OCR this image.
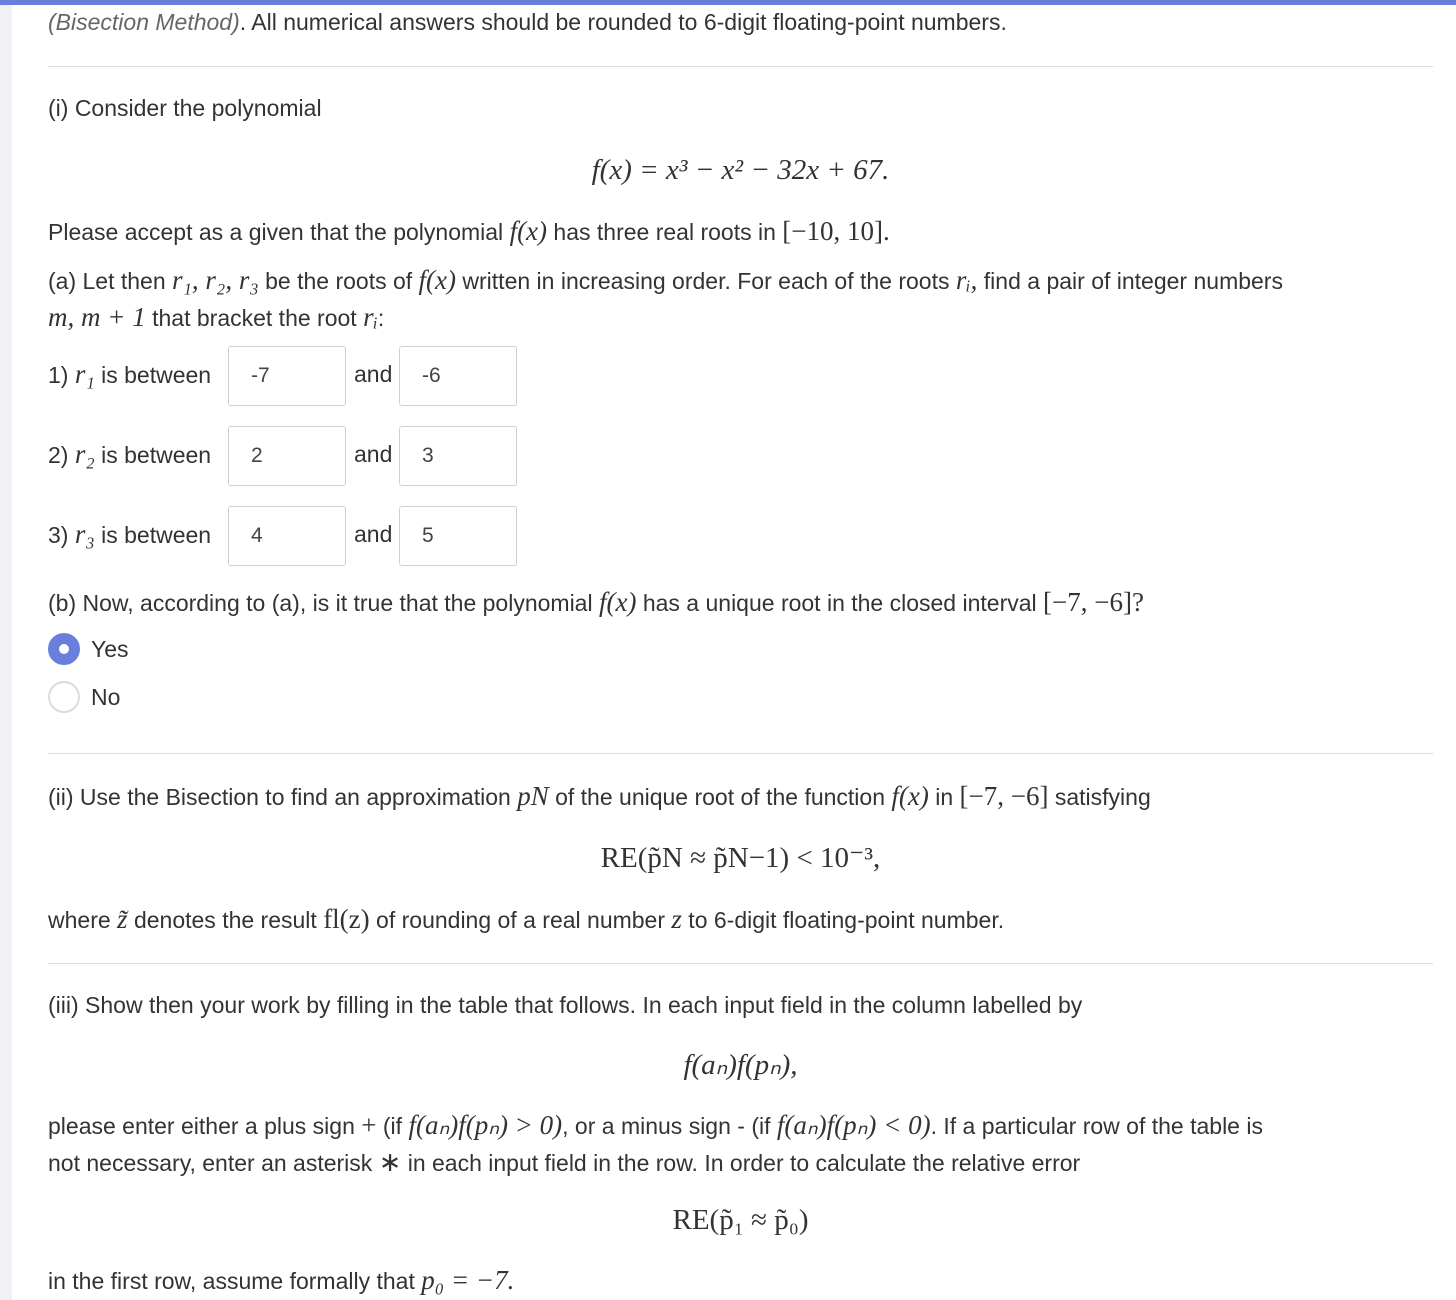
(Bisection Method). All numerical answers should be rounded to 6-digit floating-point numbers.
(i) Consider the polynomial
f(x) = x³ − x² − 32x + 67.
Please accept as a given that the polynomial f(x) has three real roots in [−10, 10].
(a) Let then r₁, r₂, r₃ be the roots of f(x) written in increasing order. For each of the roots rᵢ, find a pair of integer numbers
m, m + 1 that bracket the root rᵢ:
1) r₁ is between	-7	and	-6
2) r₂ is between	2	and	3
3) r₃ is between	4	and	5
(b) Now, according to (a), is it true that the polynomial f(x) has a unique root in the closed interval [−7, −6]?
Yes
No
(ii) Use the Bisection to find an approximation pN of the unique root of the function f(x) in [−7, −6] satisfying
RE(p̃N ≈ p̃N−1) < 10⁻³,
where z̃ denotes the result fl(z) of rounding of a real number z to 6-digit floating-point number.
(iii) Show then your work by filling in the table that follows. In each input field in the column labelled by
f(aₙ)f(pₙ),
please enter either a plus sign + (if f(aₙ)f(pₙ) > 0), or a minus sign - (if f(aₙ)f(pₙ) < 0). If a particular row of the table is
not necessary, enter an asterisk ∗ in each input field in the row. In order to calculate the relative error
RE(p̃₁ ≈ p̃₀)
in the first row, assume formally that p₀ = −7.
